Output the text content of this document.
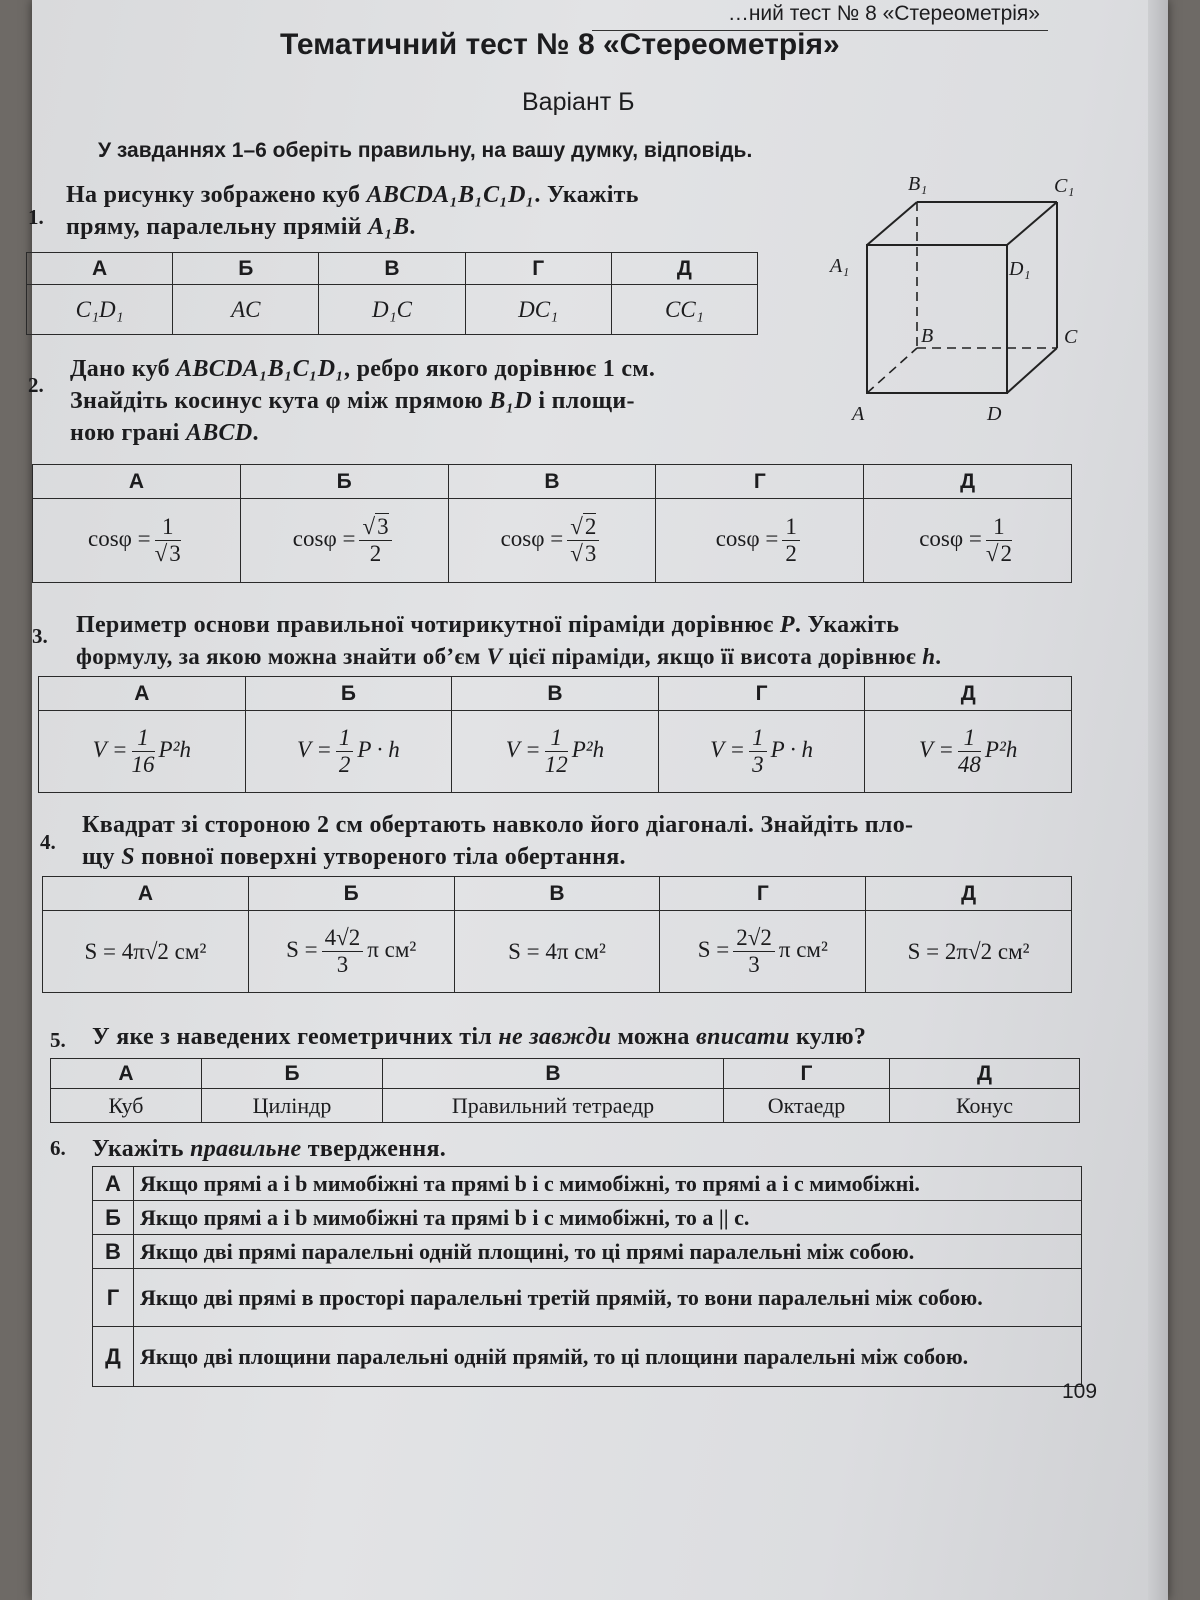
…ний тест № 8 «Стереометрія»
Тематичний тест № 8 «Стереометрія»
Варіант Б
У завданнях 1–6 оберіть правильну, на вашу думку, відповідь.
B₁	C₁
A₁	D₁
B	C
A	D
1.
На рисунку зображено куб ABCDA₁B₁C₁D₁. Укажіть
пряму, паралельну прямій A₁B.
А	Б	В	Г	Д
C₁D₁	AC	D₁C	DC₁	CC₁
2.
Дано куб ABCDA₁B₁C₁D₁, ребро якого дорівнює 1 см.
Знайдіть косинус кута φ між прямою B₁D і площи-
ною грані ABCD.
А	Б	В	Г	Д
$\cos\varphi = \frac{1}{√3}$	$\cos\varphi = \frac{√3}{2}$	$\cos\varphi = \frac{√2}{√3}$	$\cos\varphi = \frac{1}{2}$	$\cos\varphi = \frac{1}{√2}$
3. Периметр основи правильної чотирикутної піраміди дорівнює P. Укажіть
формулу, за якою можна знайти об’єм V цієї піраміди, якщо її висота дорівнює h.
А	Б	В	Г	Д
$V = \frac{1}{16} P^2h$	$V = \frac{1}{2}$ P · h	$V = \frac{1}{12} P^2h$	$V = \frac{1}{3}$ P · h	$V = \frac{1}{48} P^2h$
4.
Квадрат зі стороною 2 см обертають навколо його діагоналі. Знайдіть пло-
щу S повної поверхні утвореного тіла обертання.
А	Б	В	Г	Д
S = 4π√2 см²	$S = \frac{4√2}{3}$ π см²	S = 4π см²	$S = \frac{2√2}{3}$ π см²	S = 2π√2 см²
5. У яке з наведених геометричних тіл не завжди можна вписати кулю?
А	Б	В	Г	Д
Куб	Циліндр	Правильний тетраедр	Октаедр	Конус
6. Укажіть правильне твердження.
А	Якщо прямі a і b мимобіжні та прямі b і c мимобіжні, то прямі a і c мимобіжні.
Б	Якщо прямі a і b мимобіжні та прямі b і c мимобіжні, то a || c.
В	Якщо дві прямі паралельні одній площині, то ці прямі паралельні між собою.
Г	Якщо дві прямі в просторі паралельні третій прямій, то вони паралельні між собою.
Д	Якщо дві площини паралельні одній прямій, то ці площини паралельні між собою.
109
